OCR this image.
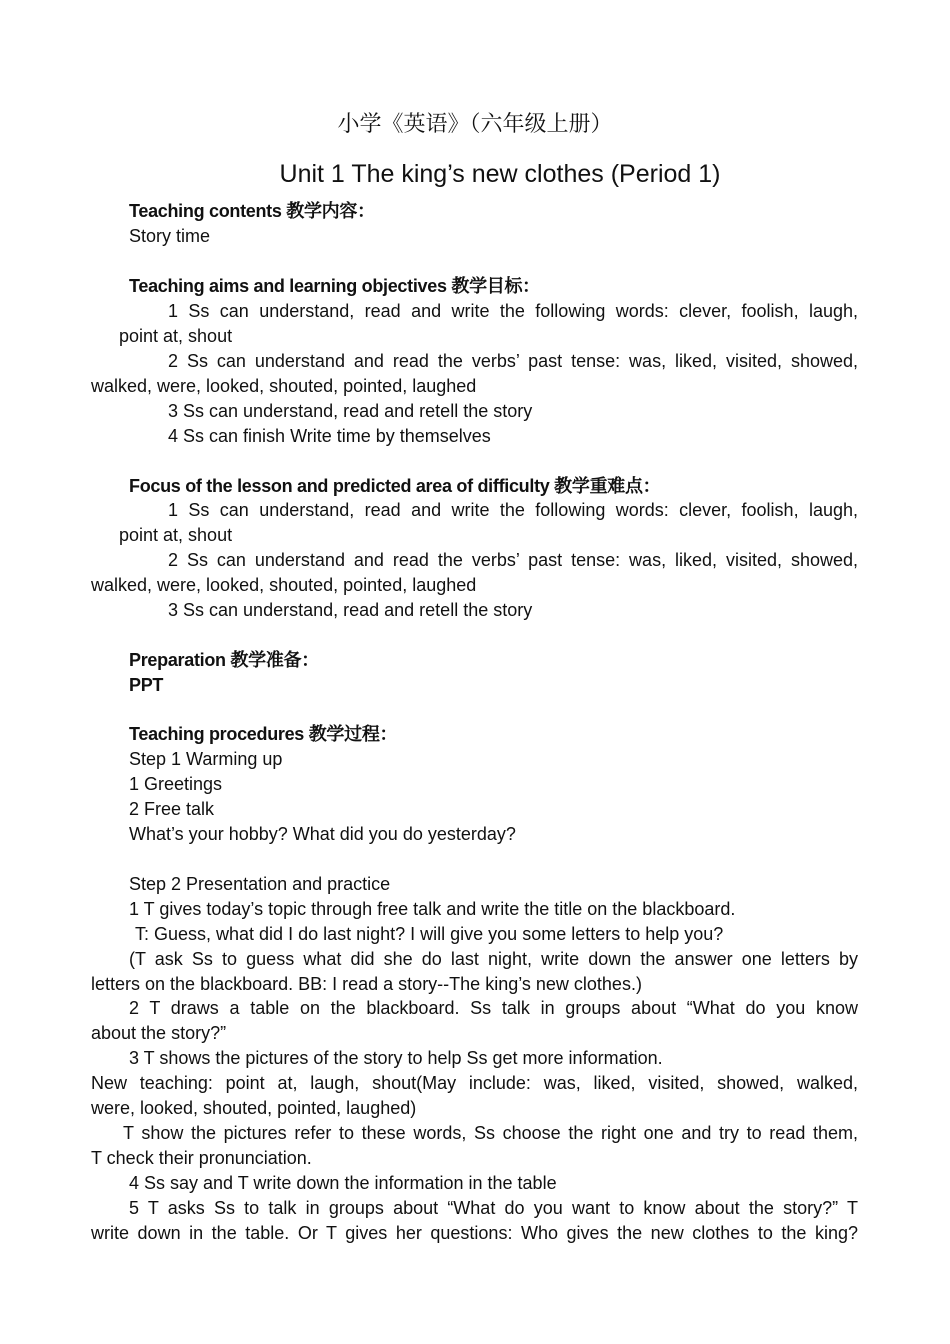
小学《英语》（六年级上册）
Unit 1 The king’s new clothes (Period 1)
Teaching contents 教学内容：
Story time
Teaching aims and learning objectives 教学目标：
1 Ss can understand, read and write the following words: clever, foolish, laugh,
point at, shout
2 Ss can understand and read the verbs’ past tense: was, liked, visited, showed,
walked, were, looked, shouted, pointed, laughed
3 Ss can understand, read and retell the story
4 Ss can finish Write time by themselves
Focus of the lesson and predicted area of difficulty 教学重难点：
1 Ss can understand, read and write the following words: clever, foolish, laugh,
point at, shout
2 Ss can understand and read the verbs’ past tense: was, liked, visited, showed,
walked, were, looked, shouted, pointed, laughed
3 Ss can understand, read and retell the story
Preparation 教学准备：
PPT
Teaching procedures 教学过程：
Step 1 Warming up
1 Greetings
2 Free talk
What’s your hobby? What did you do yesterday?
Step 2 Presentation and practice
1 T gives today’s topic through free talk and write the title on the blackboard.
T: Guess, what did I do last night? I will give you some letters to help you?
(T ask Ss to guess what did she do last night, write down the answer one letters by
letters on the blackboard. BB: I read a story--The king’s new clothes.)
2 T draws a table on the blackboard. Ss talk in groups about “What do you know
about the story?”
3 T shows the pictures of the story to help Ss get more information.
New teaching: point at, laugh, shout(May include: was, liked, visited, showed, walked,
were, looked, shouted, pointed, laughed)
T show the pictures refer to these words, Ss choose the right one and try to read them,
T check their pronunciation.
4 Ss say and T write down the information in the table
5 T asks Ss to talk in groups about “What do you want to know about the story?” T
write down in the table. Or T gives her questions: Who gives the new clothes to the king?
